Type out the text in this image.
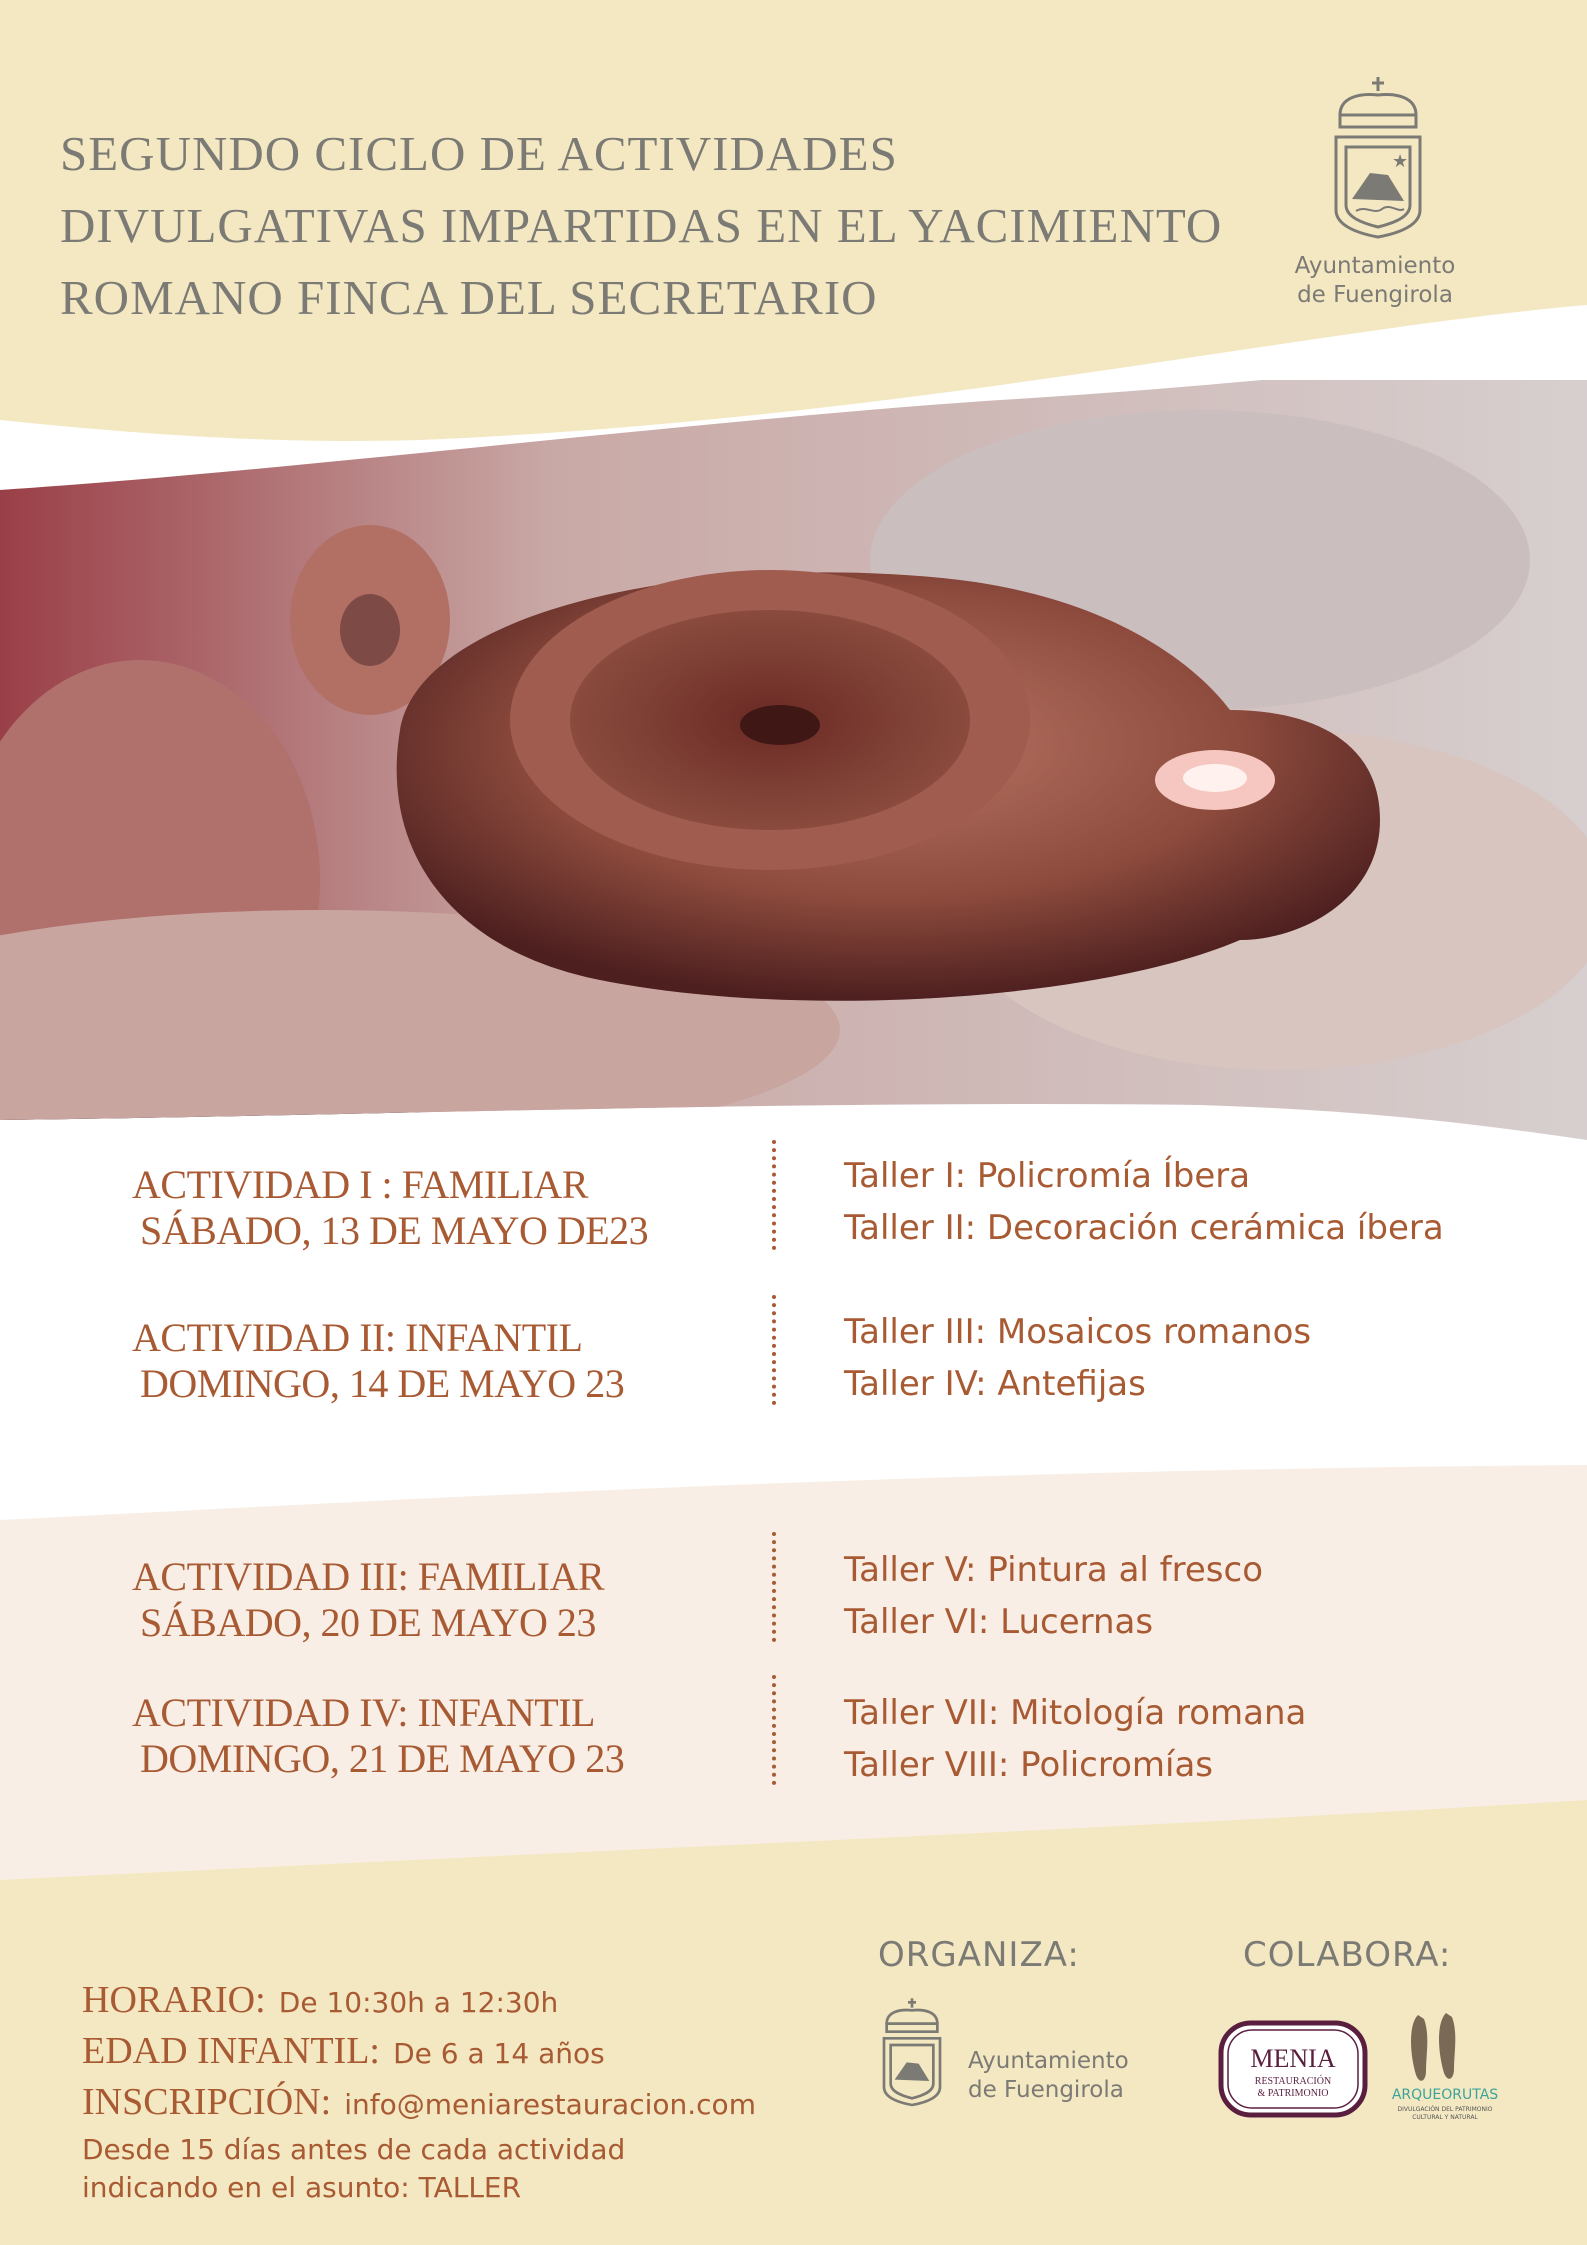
SEGUNDO CICLO DE ACTIVIDADES
DIVULGATIVAS IMPARTIDAS EN EL YACIMIENTO
ROMANO FINCA DEL SECRETARIO
★
Ayuntamiento
de Fuengirola
ACTIVIDAD I : FAMILIAR
SÁBADO, 13 DE MAYO DE23
Taller I: Policromía Íbera
Taller II: Decoración cerámica íbera
ACTIVIDAD II: INFANTIL
DOMINGO, 14 DE MAYO 23
Taller III: Mosaicos romanos
Taller IV: Antefijas
ACTIVIDAD III: FAMILIAR
SÁBADO, 20 DE MAYO 23
Taller V: Pintura al fresco
Taller VI: Lucernas
ACTIVIDAD IV: INFANTIL
DOMINGO, 21 DE MAYO 23
Taller VII: Mitología romana
Taller VIII: Policromías
HORARIO: De 10:30h a 12:30h
EDAD INFANTIL: De 6 a 14 años
INSCRIPCIÓN: info@meniarestauracion.com
Desde 15 días antes de cada actividad
indicando en el asunto: TALLER
ORGANIZA:	COLABORA:
Ayuntamiento
de Fuengirola
MENIA
RESTAURACIÓN
& PATRIMONIO	ARQUEORUTAS
DIVULGACIÓN DEL PATRIMONIO
CULTURAL Y NATURAL
